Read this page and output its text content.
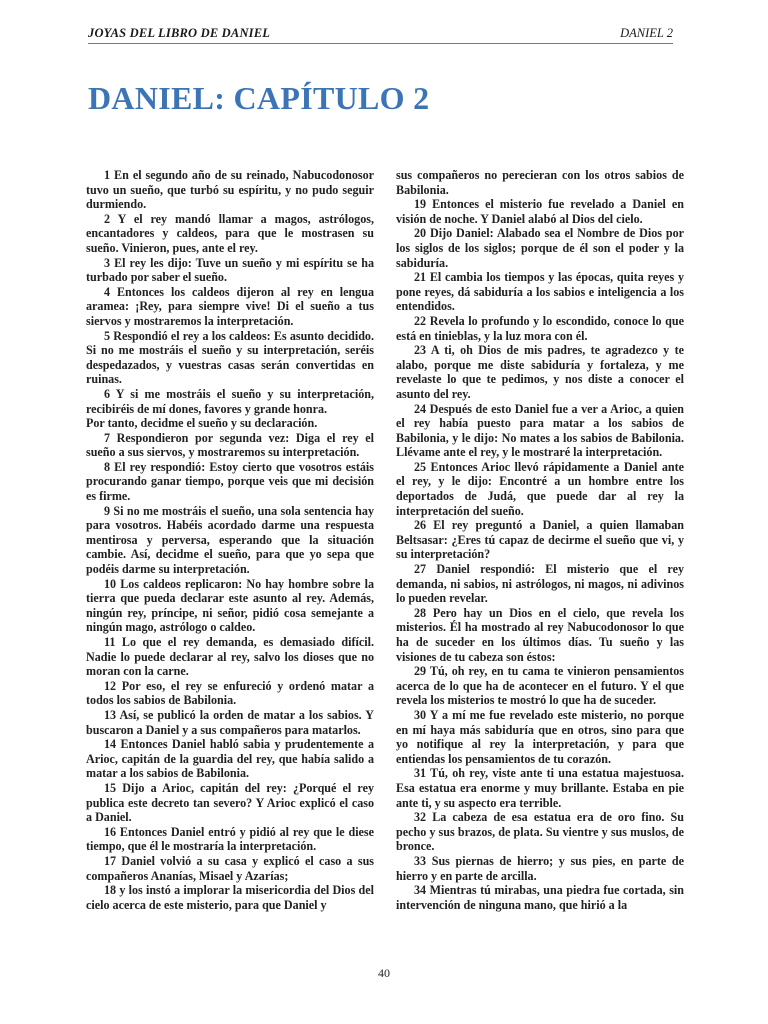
JOYAS DEL LIBRO DE DANIEL	DANIEL 2
DANIEL: CAPÍTULO 2

1 En el segundo año de su reinado, Nabucodonosor tuvo un sueño, que turbó su espíritu, y no pudo seguir durmiendo.

2 Y el rey mandó llamar a magos, astrólogos, encantadores y caldeos, para que le mostrasen su sueño. Vinieron, pues, ante el rey.

3 El rey les dijo: Tuve un sueño y mi espíritu se ha turbado por saber el sueño.

4 Entonces los caldeos dijeron al rey en lengua aramea: ¡Rey, para siempre vive! Di el sueño a tus siervos y mostraremos la interpretación.

5 Respondió el rey a los caldeos: Es asunto decidido. Si no me mostráis el sueño y su interpretación, seréis despedazados, y vuestras casas serán convertidas en ruinas.

6 Y si me mostráis el sueño y su interpretación, recibiréis de mí dones, favores y grande honra.

Por tanto, decidme el sueño y su declaración.

7 Respondieron por segunda vez: Diga el rey el sueño a sus siervos, y mostraremos su interpretación.

8 El rey respondió: Estoy cierto que vosotros estáis procurando ganar tiempo, porque veis que mi decisión es firme.

9 Si no me mostráis el sueño, una sola sentencia hay para vosotros. Habéis acordado darme una respuesta mentirosa y perversa, esperando que la situación cambie. Así, decidme el sueño, para que yo sepa que podéis darme su interpretación.

10 Los caldeos replicaron: No hay hombre sobre la tierra que pueda declarar este asunto al rey. Además, ningún rey, príncipe, ni señor, pidió cosa semejante a ningún mago, astrólogo o caldeo.

11 Lo que el rey demanda, es demasiado difícil. Nadie lo puede declarar al rey, salvo los dioses que no moran con la carne.

12 Por eso, el rey se enfureció y ordenó matar a todos los sabios de Babilonia.

13 Así, se publicó la orden de matar a los sabios. Y buscaron a Daniel y a sus compañeros para matarlos.

14 Entonces Daniel habló sabia y prudentemente a Arioc, capitán de la guardia del rey, que había salido a matar a los sabios de Babilonia.

15 Dijo a Arioc, capitán del rey: ¿Porqué el rey publica este decreto tan severo? Y Arioc explicó el caso a Daniel.

16 Entonces Daniel entró y pidió al rey que le diese tiempo, que él le mostraría la interpretación.

17 Daniel volvió a su casa y explicó el caso a sus compañeros Ananías, Misael y Azarías;

18 y los instó a implorar la misericordia del Dios del cielo acerca de este misterio, para que Daniel y

sus compañeros no perecieran con los otros sabios de Babilonia.

19 Entonces el misterio fue revelado a Daniel en visión de noche. Y Daniel alabó al Dios del cielo.

20 Dijo Daniel: Alabado sea el Nombre de Dios por los siglos de los siglos; porque de él son el poder y la sabiduría.

21 El cambia los tiempos y las épocas, quita reyes y pone reyes, dá sabiduría a los sabios e inteligencia a los entendidos.

22 Revela lo profundo y lo escondido, conoce lo que está en tinieblas, y la luz mora con él.

23 A ti, oh Dios de mis padres, te agradezco y te alabo, porque me diste sabiduría y fortaleza, y me revelaste lo que te pedimos, y nos diste a conocer el asunto del rey.

24 Después de esto Daniel fue a ver a Arioc, a quien el rey había puesto para matar a los sabios de Babilonia, y le dijo: No mates a los sabios de Babilonia. Llévame ante el rey, y le mostraré la interpretación.

25 Entonces Arioc llevó rápidamente a Daniel ante el rey, y le dijo: Encontré a un hombre entre los deportados de Judá, que puede dar al rey la interpretación del sueño.

26 El rey preguntó a Daniel, a quien llamaban Beltsasar: ¿Eres tú capaz de decirme el sueño que vi, y su interpretación?

27 Daniel respondió: El misterio que el rey demanda, ni sabios, ni astrólogos, ni magos, ni adivinos lo pueden revelar.

28 Pero hay un Dios en el cielo, que revela los misterios. Él ha mostrado al rey Nabucodonosor lo que ha de suceder en los últimos días. Tu sueño y las visiones de tu cabeza son éstos:

29 Tú, oh rey, en tu cama te vinieron pensamientos acerca de lo que ha de acontecer en el futuro. Y el que revela los misterios te mostró lo que ha de suceder.

30 Y a mí me fue revelado este misterio, no porque en mí haya más sabiduría que en otros, sino para que yo notifique al rey la interpretación, y para que entiendas los pensamientos de tu corazón.

31 Tú, oh rey, viste ante ti una estatua majestuosa. Esa estatua era enorme y muy brillante. Estaba en pie ante ti, y su aspecto era terrible.

32 La cabeza de esa estatua era de oro fino. Su pecho y sus brazos, de plata. Su vientre y sus muslos, de bronce.

33 Sus piernas de hierro; y sus pies, en parte de hierro y en parte de arcilla.

34 Mientras tú mirabas, una piedra fue cortada, sin intervención de ninguna mano, que hirió a la

40
